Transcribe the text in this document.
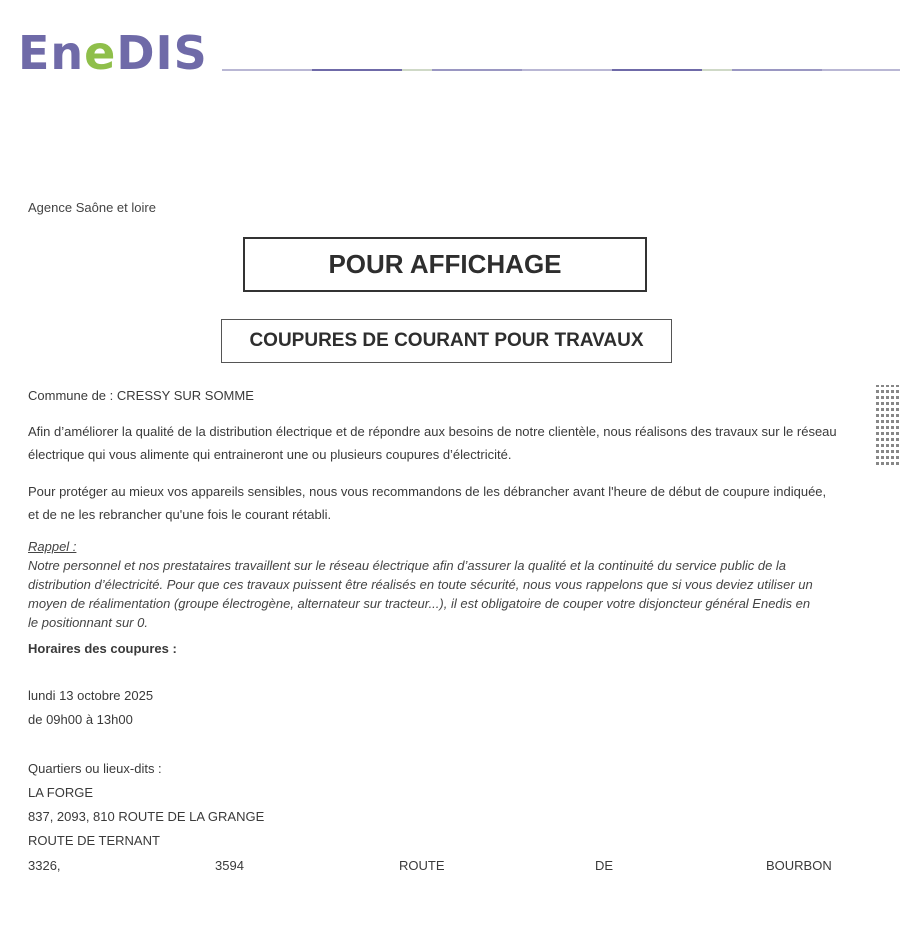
EneDIS
Agence Saône et loire
POUR AFFICHAGE
COUPURES DE COURANT POUR TRAVAUX
Commune de : CRESSY SUR SOMME
Afin d’améliorer la qualité de la distribution électrique et de répondre aux besoins de notre clientèle, nous réalisons des travaux sur le réseau électrique qui vous alimente qui entraineront une ou plusieurs coupures d’électricité.
Pour protéger au mieux vos appareils sensibles, nous vous recommandons de les débrancher avant l'heure de début de coupure indiquée, et de ne les rebrancher qu'une fois le courant rétabli.
Rappel :
Notre personnel et nos prestataires travaillent sur le réseau électrique afin d’assurer la qualité et la continuité du service public de la distribution d’électricité. Pour que ces travaux puissent être réalisés en toute sécurité, nous vous rappelons que si vous deviez utiliser un moyen de réalimentation (groupe électrogène, alternateur sur tracteur...), il est obligatoire de couper votre disjoncteur général Enedis en le positionnant sur 0.
Horaires des coupures :
lundi 13 octobre 2025
de 09h00 à 13h00
Quartiers ou lieux-dits :
LA FORGE
837, 2093, 810 ROUTE DE LA GRANGE
ROUTE DE TERNANT
3326,	3594	ROUTE	DE	BOURBON
